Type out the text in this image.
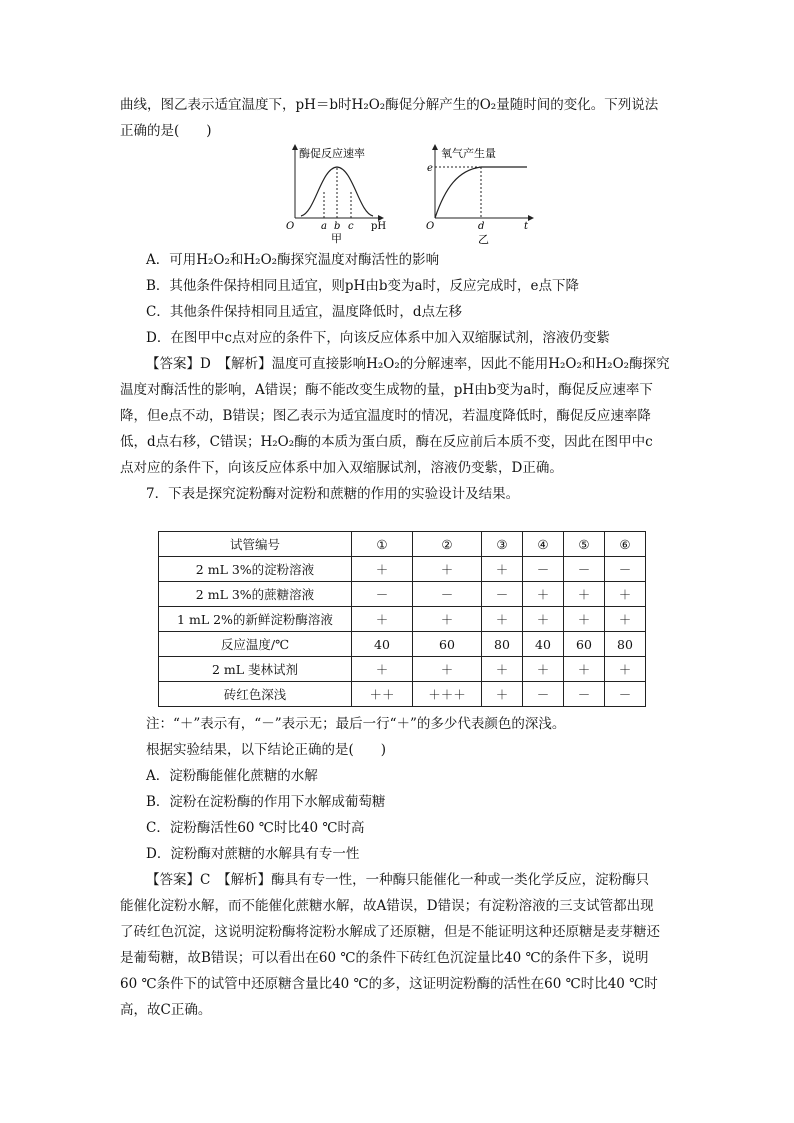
曲线，图乙表示适宜温度下，pH＝b时H₂O₂酶促分解产生的O₂量随时间的变化。下列说法
正确的是(　　)
酶促反应速率
O	a b c pH
甲
氧气产生量
e
O	d	t
乙
A．可用H₂O₂和H₂O₂酶探究温度对酶活性的影响
B．其他条件保持相同且适宜，则pH由b变为a时，反应完成时，e点下降
C．其他条件保持相同且适宜，温度降低时，d点左移
D．在图甲中c点对应的条件下，向该反应体系中加入双缩脲试剂，溶液仍变紫
【答案】D　【解析】温度可直接影响H₂O₂的分解速率，因此不能用H₂O₂和H₂O₂酶探究
温度对酶活性的影响，A错误；酶不能改变生成物的量，pH由b变为a时，酶促反应速率下
降，但e点不动，B错误；图乙表示为适宜温度时的情况，若温度降低时，酶促反应速率降
低，d点右移，C错误；H₂O₂酶的本质为蛋白质，酶在反应前后本质不变，因此在图甲中c
点对应的条件下，向该反应体系中加入双缩脲试剂，溶液仍变紫，D正确。
7．下表是探究淀粉酶对淀粉和蔗糖的作用的实验设计及结果。
试管编号	①	②	③	④	⑤	⑥
2 mL 3%的淀粉溶液	＋	＋	＋	－	－	－
2 mL 3%的蔗糖溶液	－	－	－	＋	＋	＋
1 mL 2%的新鲜淀粉酶溶液	＋	＋	＋	＋	＋	＋
反应温度/℃	40	60	80	40	60	80
2 mL 斐林试剂	＋	＋	＋	＋	＋	＋
砖红色深浅	＋＋	＋＋＋	＋	－	－	－
注：“＋”表示有，“－”表示无；最后一行“＋”的多少代表颜色的深浅。
根据实验结果，以下结论正确的是(　　)
A．淀粉酶能催化蔗糖的水解
B．淀粉在淀粉酶的作用下水解成葡萄糖
C．淀粉酶活性60 ℃时比40 ℃时高
D．淀粉酶对蔗糖的水解具有专一性
【答案】C　【解析】酶具有专一性，一种酶只能催化一种或一类化学反应，淀粉酶只
能催化淀粉水解，而不能催化蔗糖水解，故A错误，D错误；有淀粉溶液的三支试管都出现
了砖红色沉淀，这说明淀粉酶将淀粉水解成了还原糖，但是不能证明这种还原糖是麦芽糖还
是葡萄糖，故B错误；可以看出在60 ℃的条件下砖红色沉淀量比40 ℃的条件下多，说明
60 ℃条件下的试管中还原糖含量比40 ℃的多，这证明淀粉酶的活性在60 ℃时比40 ℃时
高，故C正确。
